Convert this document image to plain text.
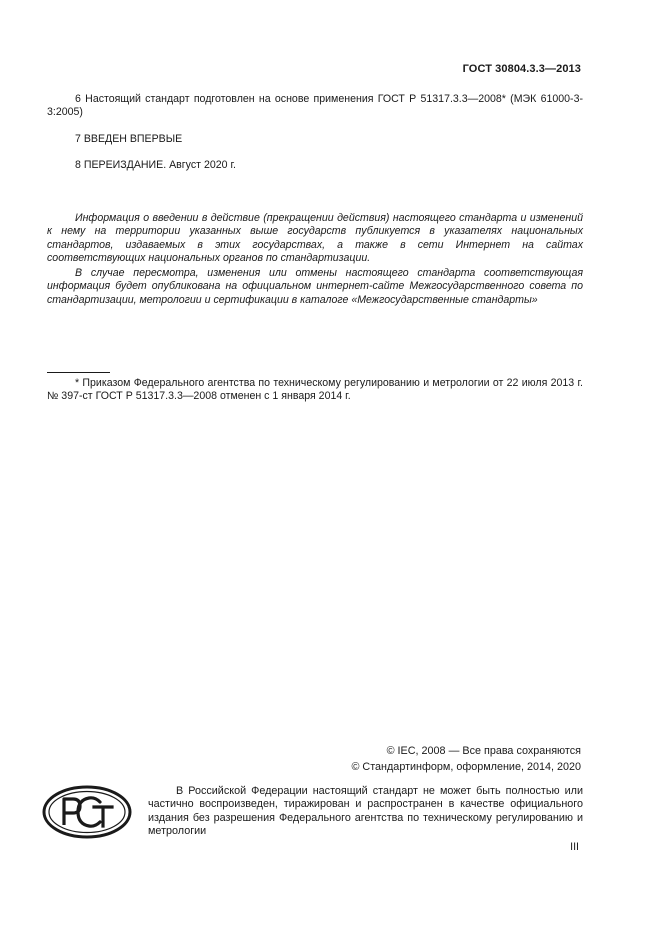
ГОСТ 30804.3.3—2013
6 Настоящий стандарт подготовлен на основе применения ГОСТ Р 51317.3.3—2008* (МЭК 61000-3-3:2005)
7 ВВЕДЕН ВПЕРВЫЕ
8 ПЕРЕИЗДАНИЕ. Август 2020 г.
Информация о введении в действие (прекращении действия) настоящего стандарта и изменений к нему на территории указанных выше государств публикуется в указателях национальных стандартов, издаваемых в этих государствах, а также в сети Интернет на сайтах соответствующих национальных органов по стандартизации.
В случае пересмотра, изменения или отмены настоящего стандарта соответствующая информация будет опубликована на официальном интернет-сайте Межгосударственного совета по стандартизации, метрологии и сертификации в каталоге «Межгосударственные стандарты»
* Приказом Федерального агентства по техническому регулированию и метрологии от 22 июля 2013 г. № 397-ст ГОСТ Р 51317.3.3—2008 отменен с 1 января 2014 г.
© IEC, 2008 — Все права сохраняются
© Стандартинформ, оформление, 2014, 2020
В Российской Федерации настоящий стандарт не может быть полностью или частично воспроизведен, тиражирован и распространен в качестве официального издания без разрешения Федерального агентства по техническому регулированию и метрологии
III
